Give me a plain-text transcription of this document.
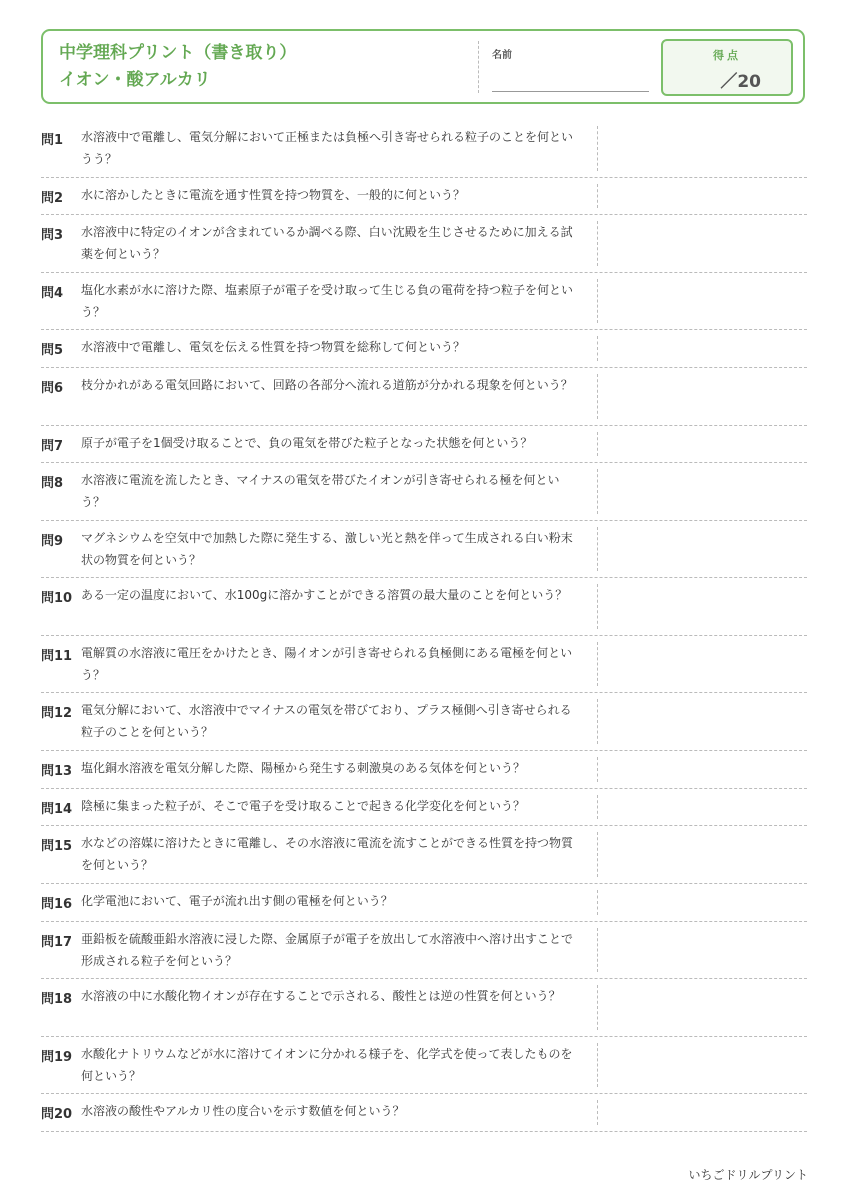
中学理科プリント（書き取り）
イオン・酸アルカリ
名前	得点
／20
問1 水溶液中で電離し、電気分解において正極または負極へ引き寄せられる粒子のことを何というう？
問2 水に溶かしたときに電流を通す性質を持つ物質を、一般的に何という？
問3 水溶液中に特定のイオンが含まれているか調べる際、白い沈殿を生じさせるために加える試薬を何という？
問4 塩化水素が水に溶けた際、塩素原子が電子を受け取って生じる負の電荷を持つ粒子を何という？
問5 水溶液中で電離し、電気を伝える性質を持つ物質を総称して何という？
問6 枝分かれがある電気回路において、回路の各部分へ流れる道筋が分かれる現象を何という？
問7 原子が電子を1個受け取ることで、負の電気を帯びた粒子となった状態を何という？
問8 水溶液に電流を流したとき、マイナスの電気を帯びたイオンが引き寄せられる極を何という？
問9 マグネシウムを空気中で加熱した際に発生する、激しい光と熱を伴って生成される白い粉末状の物質を何という？
問10 ある一定の温度において、水100gに溶かすことができる溶質の最大量のことを何という？
問11 電解質の水溶液に電圧をかけたとき、陽イオンが引き寄せられる負極側にある電極を何という？
問12 電気分解において、水溶液中でマイナスの電気を帯びており、プラス極側へ引き寄せられる粒子のことを何という？
問13 塩化銅水溶液を電気分解した際、陽極から発生する刺激臭のある気体を何という？
問14 陰極に集まった粒子が、そこで電子を受け取ることで起きる化学変化を何という？
問15 水などの溶媒に溶けたときに電離し、その水溶液に電流を流すことができる性質を持つ物質を何という？
問16 化学電池において、電子が流れ出す側の電極を何という？
問17 亜鉛板を硫酸亜鉛水溶液に浸した際、金属原子が電子を放出して水溶液中へ溶け出すことで形成される粒子を何という？
問18 水溶液の中に水酸化物イオンが存在することで示される、酸性とは逆の性質を何という？
問19 水酸化ナトリウムなどが水に溶けてイオンに分かれる様子を、化学式を使って表したものを何という？
問20 水溶液の酸性やアルカリ性の度合いを示す数値を何という？
いちごドリルプリント
